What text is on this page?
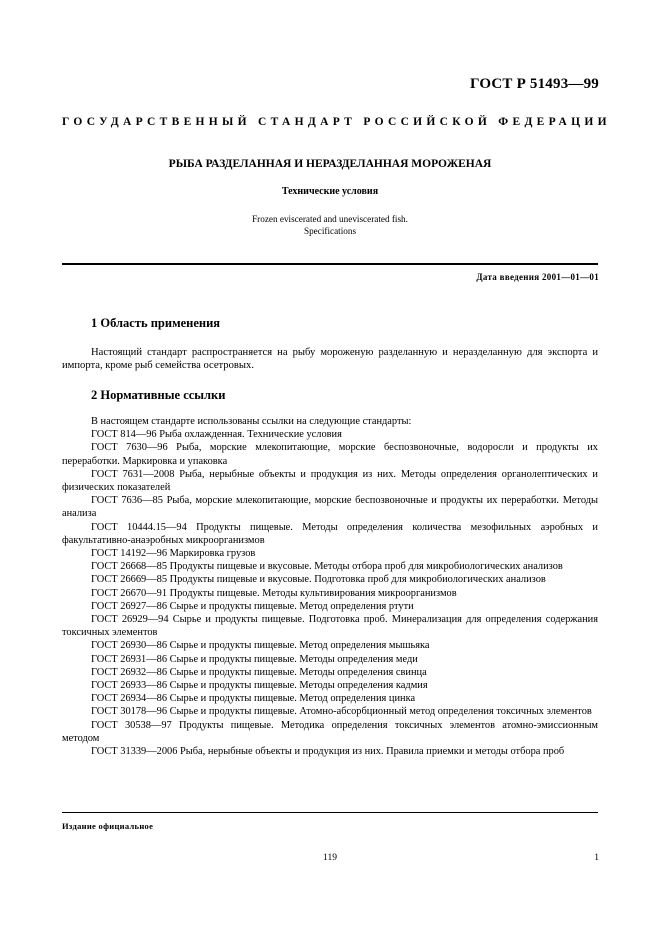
ГОСТ Р 51493—99
ГОСУДАРСТВЕННЫЙ СТАНДАРТ РОССИЙСКОЙ ФЕДЕРАЦИИ
РЫБА РАЗДЕЛАННАЯ И НЕРАЗДЕЛАННАЯ МОРОЖЕНАЯ
Технические условия
Frozen eviscerated and uneviscerated fish.
Specifications
Дата введения 2001—01—01
1 Область применения
Настоящий стандарт распространяется на рыбу мороженую разделанную и неразделанную для экспорта и импорта, кроме рыб семейства осетровых.
2 Нормативные ссылки

В настоящем стандарте использованы ссылки на следующие стандарты:

ГОСТ 814—96 Рыба охлажденная. Технические условия

ГОСТ 7630—96 Рыба, морские млекопитающие, морские беспозвоночные, водоросли и продукты их переработки. Маркировка и упаковка

ГОСТ 7631—2008 Рыба, нерыбные объекты и продукция из них. Методы определения органолептических и физических показателей

ГОСТ 7636—85 Рыба, морские млекопитающие, морские беспозвоночные и продукты их переработки. Методы анализа

ГОСТ 10444.15—94 Продукты пищевые. Методы определения количества мезофильных аэробных и факультативно-анаэробных микроорганизмов

ГОСТ 14192—96 Маркировка грузов

ГОСТ 26668—85 Продукты пищевые и вкусовые. Методы отбора проб для микробиологических анализов

ГОСТ 26669—85 Продукты пищевые и вкусовые. Подготовка проб для микробиологических анализов

ГОСТ 26670—91 Продукты пищевые. Методы культивирования микроорганизмов

ГОСТ 26927—86 Сырье и продукты пищевые. Метод определения ртути

ГОСТ 26929—94 Сырье и продукты пищевые. Подготовка проб. Минерализация для определения содержания токсичных элементов

ГОСТ 26930—86 Сырье и продукты пищевые. Метод определения мышьяка

ГОСТ 26931—86 Сырье и продукты пищевые. Методы определения меди

ГОСТ 26932—86 Сырье и продукты пищевые. Методы определения свинца

ГОСТ 26933—86 Сырье и продукты пищевые. Методы определения кадмия

ГОСТ 26934—86 Сырье и продукты пищевые. Метод определения цинка

ГОСТ 30178—96 Сырье и продукты пищевые. Атомно-абсорбционный метод определения токсичных элементов

ГОСТ 30538—97 Продукты пищевые. Методика определения токсичных элементов атомно-эмиссионным методом

ГОСТ 31339—2006 Рыба, нерыбные объекты и продукция из них. Правила приемки и методы отбора проб

Издание официальное
119	1
